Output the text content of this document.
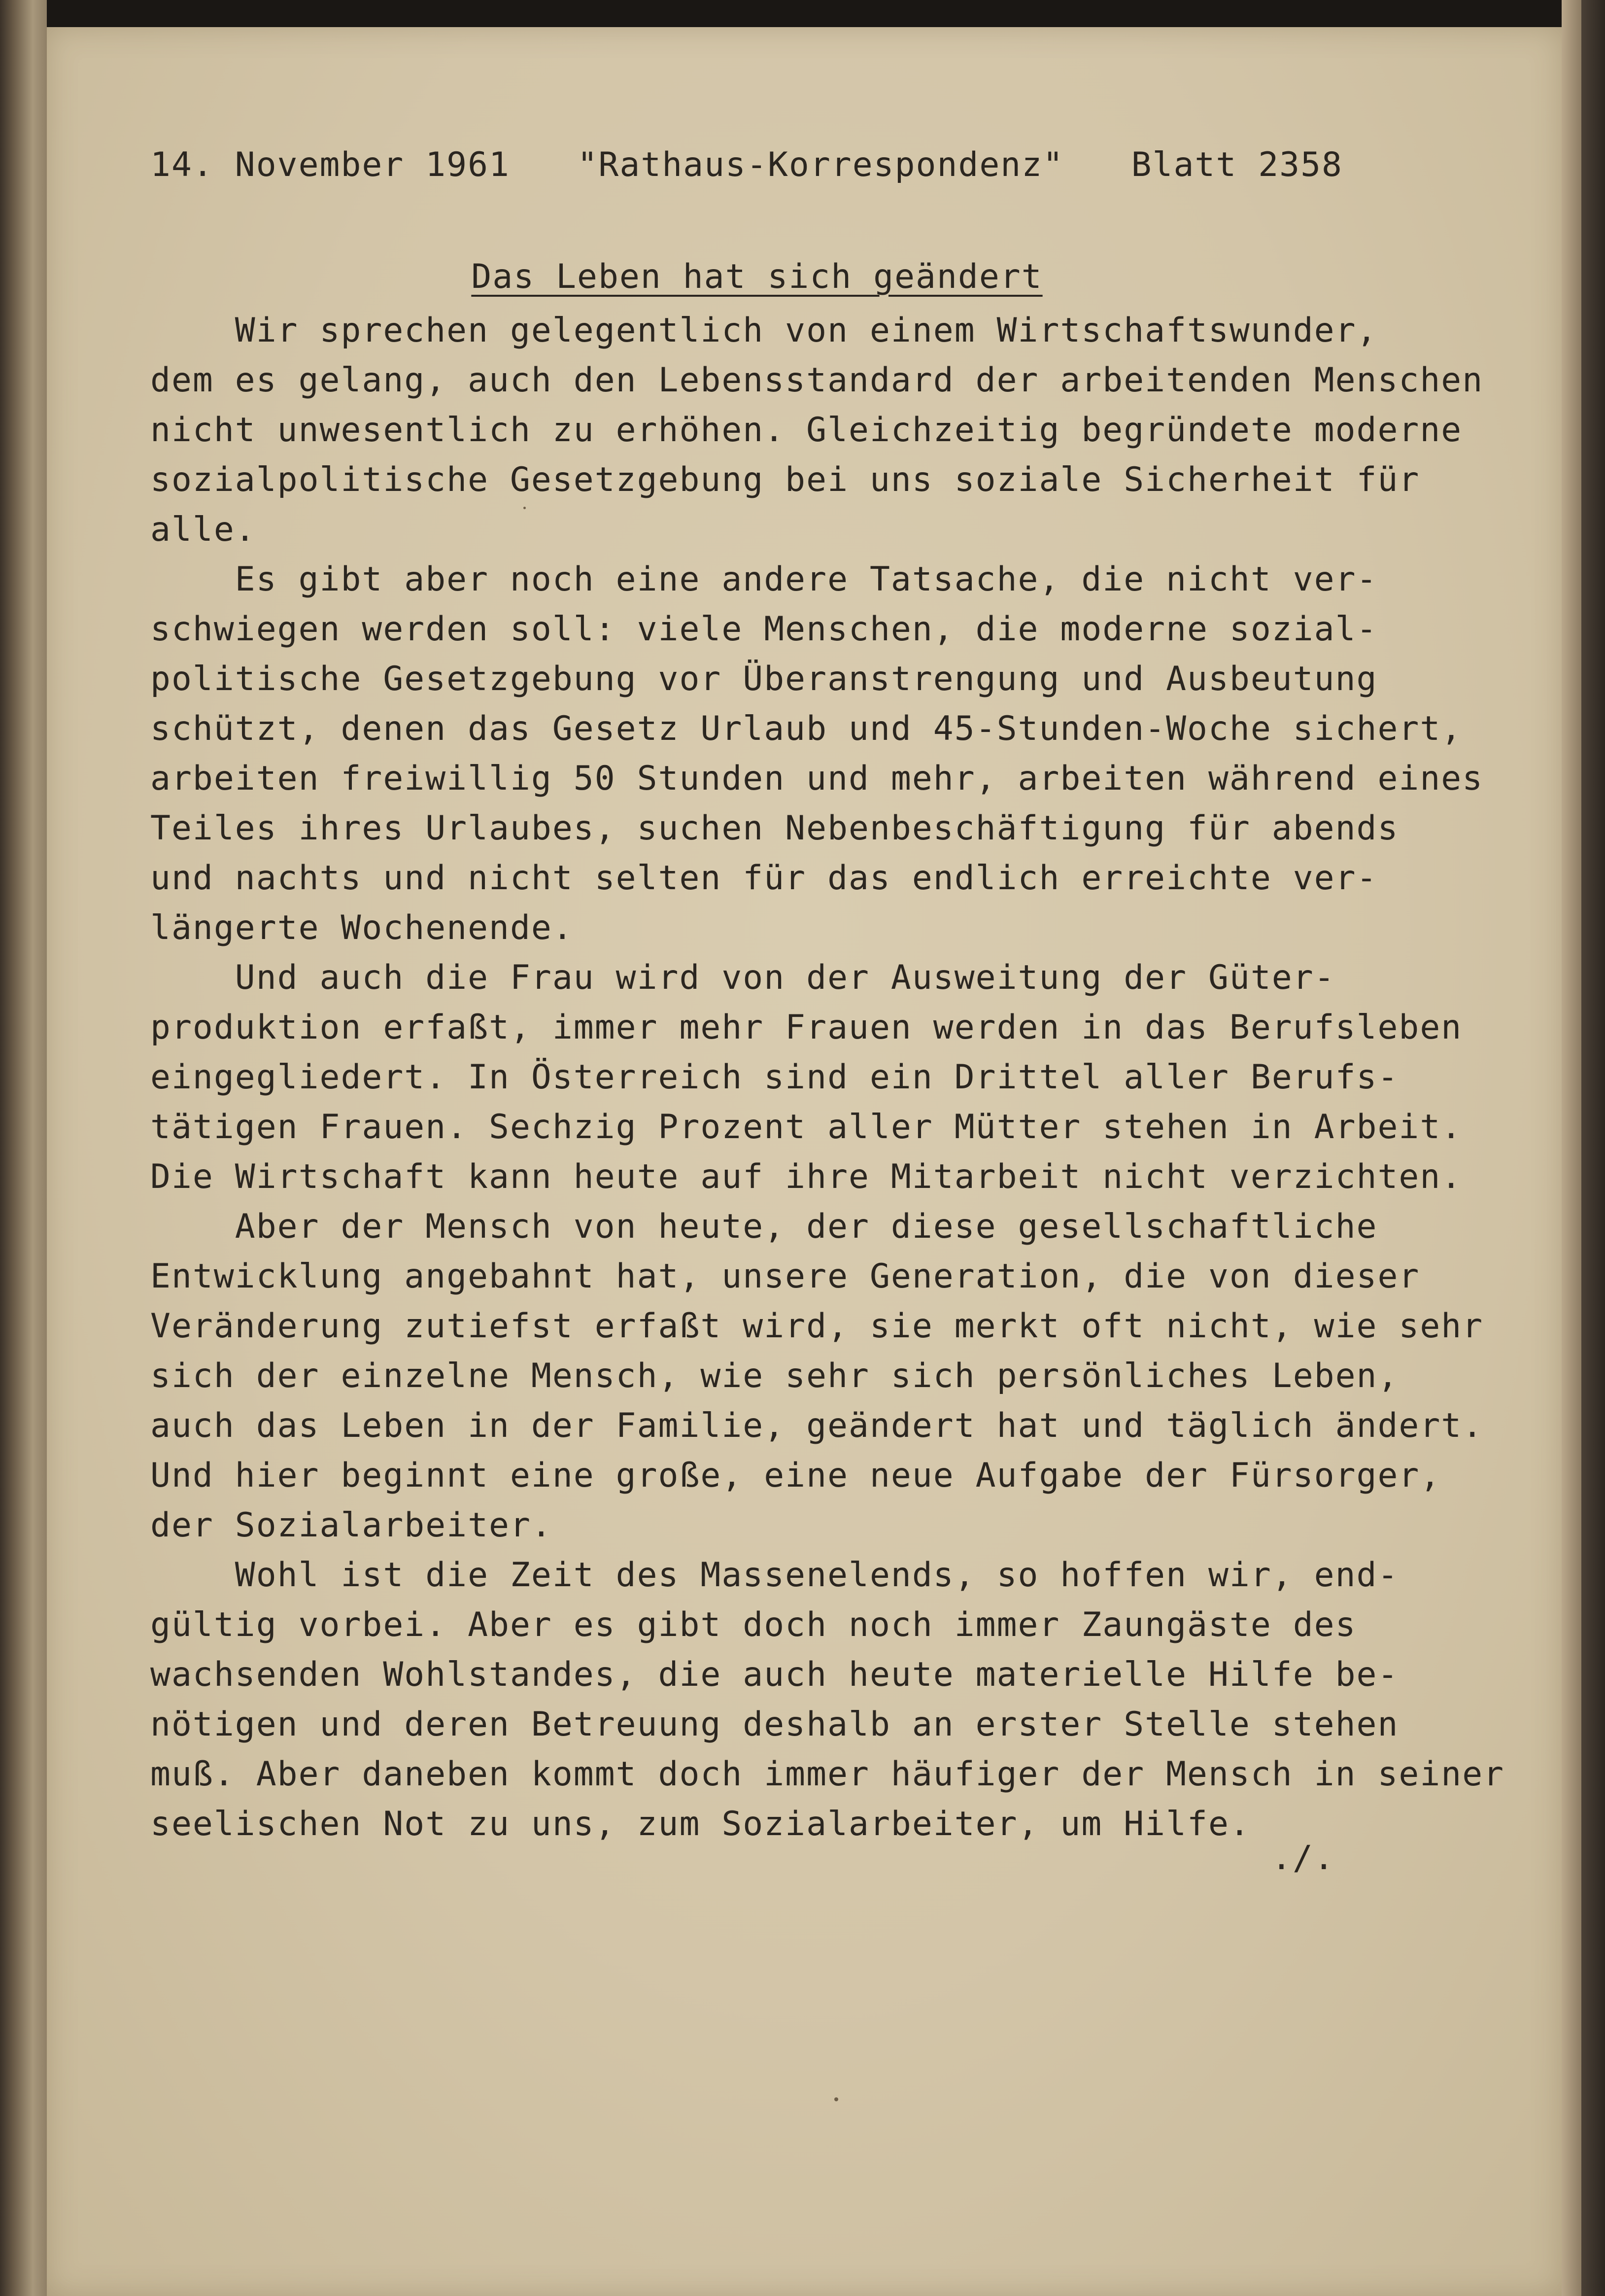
14. November 1961 "Rathaus-Korrespondenz" Blatt 2358
Das Leben hat sich geändert
Wir sprechen gelegentlich von einem Wirtschaftswunder,
dem es gelang, auch den Lebensstandard der arbeitenden Menschen
nicht unwesentlich zu erhöhen. Gleichzeitig begründete moderne
sozialpolitische Gesetzgebung bei uns soziale Sicherheit für
alle.
Es gibt aber noch eine andere Tatsache, die nicht ver-
schwiegen werden soll: viele Menschen, die moderne sozial-
politische Gesetzgebung vor Überanstrengung und Ausbeutung
schützt, denen das Gesetz Urlaub und 45-Stunden-Woche sichert,
arbeiten freiwillig 50 Stunden und mehr, arbeiten während eines
Teiles ihres Urlaubes, suchen Nebenbeschäftigung für abends
und nachts und nicht selten für das endlich erreichte ver-
längerte Wochenende.
Und auch die Frau wird von der Ausweitung der Güter-
produktion erfaßt, immer mehr Frauen werden in das Berufsleben
eingegliedert. In Österreich sind ein Drittel aller Berufs-
tätigen Frauen. Sechzig Prozent aller Mütter stehen in Arbeit.
Die Wirtschaft kann heute auf ihre Mitarbeit nicht verzichten.
Aber der Mensch von heute, der diese gesellschaftliche
Entwicklung angebahnt hat, unsere Generation, die von dieser
Veränderung zutiefst erfaßt wird, sie merkt oft nicht, wie sehr
sich der einzelne Mensch, wie sehr sich persönliches Leben,
auch das Leben in der Familie, geändert hat und täglich ändert.
Und hier beginnt eine große, eine neue Aufgabe der Fürsorger,
der Sozialarbeiter.
Wohl ist die Zeit des Massenelends, so hoffen wir, end-
gültig vorbei. Aber es gibt doch noch immer Zaungäste des
wachsenden Wohlstandes, die auch heute materielle Hilfe be-
nötigen und deren Betreuung deshalb an erster Stelle stehen
muß. Aber daneben kommt doch immer häufiger der Mensch in seiner
seelischen Not zu uns, zum Sozialarbeiter, um Hilfe.
./.
